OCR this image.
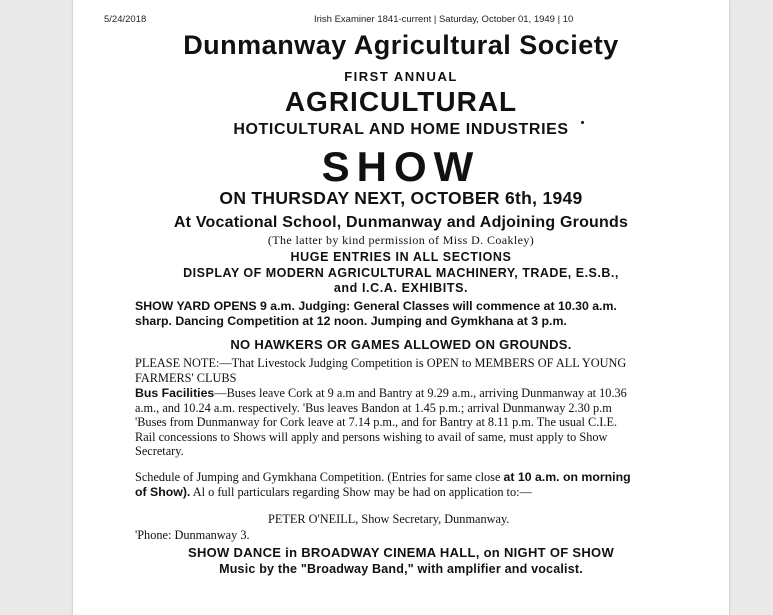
5/24/2018	Irish Examiner 1841-current | Saturday, October 01, 1949 | 10
Dunmanway Agricultural Society
FIRST ANNUAL
AGRICULTURAL
HOTICULTURAL AND HOME INDUSTRIES
SHOW
ON THURSDAY NEXT, OCTOBER 6th, 1949
At Vocational School, Dunmanway and Adjoining Grounds
(The latter by kind permission of Miss D. Coakley)
HUGE ENTRIES IN ALL SECTIONS
DISPLAY OF MODERN AGRICULTURAL MACHINERY, TRADE, E.S.B.,
and I.C.A. EXHIBITS.
SHOW YARD OPENS 9 a.m. Judging: General Classes will commence at 10.30 a.m. sharp. Dancing Competition at 12 noon. Jumping and Gymkhana at 3 p.m.
NO HAWKERS OR GAMES ALLOWED ON GROUNDS.
PLEASE NOTE:—That Livestock Judging Competition is OPEN to MEMBERS OF ALL YOUNG FARMERS' CLUBS
Bus Facilities—Buses leave Cork at 9 a.m and Bantry at 9.29 a.m., arriving Dunmanway at 10.36 a.m., and 10.24 a.m. respectively. 'Bus leaves Bandon at 1.45 p.m.; arrival Dunmanway 2.30 p.m 'Buses from Dunmanway for Cork leave at 7.14 p.m., and for Bantry at 8.11 p.m. The usual C.I.E. Rail concessions to Shows will apply and persons wishing to avail of same, must apply to Show Secretary.
Schedule of Jumping and Gymkhana Competition. (Entries for same close at 10 a.m. on morning of Show). Al o full particulars regarding Show may be had on application to:—
PETER O'NEILL, Show Secretary, Dunmanway.
'Phone: Dunmanway 3.
SHOW DANCE in BROADWAY CINEMA HALL, on NIGHT OF SHOW
Music by the "Broadway Band," with amplifier and vocalist.
